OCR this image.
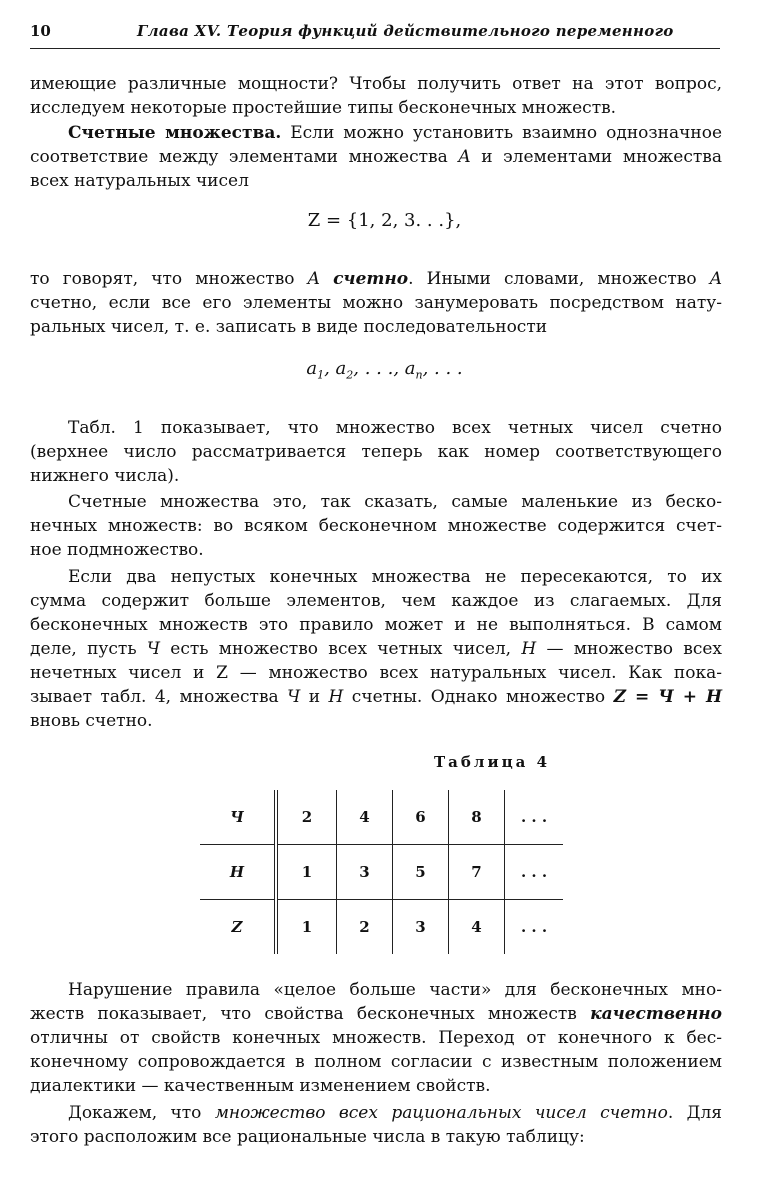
10	Глава XV. Теория функций действительного переменного
имеющие различные мощности? Чтобы получить ответ на этот вопрос,
исследуем некоторые простейшие типы бесконечных множеств.
Счетные множества. Если можно установить взаимно однозначное
соответствие между элементами множества A и элементами множества
всех натуральных чисел
Z = {1, 2, 3. . .},
то говорят, что множество A счетно. Иными словами, множество A
счетно, если все его элементы можно занумеровать посредством нату-
ральных чисел, т. е. записать в виде последовательности
$a_1$, $a_2$, . . ., $a_n$, . . .
Табл. 1 показывает, что множество всех четных чисел счетно
(верхнее число рассматривается теперь как номер соответствующего
нижнего числа).
Счетные множества это, так сказать, самые маленькие из беско-
нечных множеств: во всяком бесконечном множестве содержится счет-
ное подмножество.
Если два непустых конечных множества не пересекаются, то их
сумма содержит больше элементов, чем каждое из слагаемых. Для
бесконечных множеств это правило может и не выполняться. В самом
деле, пусть Ч есть множество всех четных чисел, H — множество всех
нечетных чисел и Z — множество всех натуральных чисел. Как пока-
зывает табл. 4, множества Ч и H счетны. Однако множество Z = Ч + H
вновь счетно.
Таблица 4
Ч	2	4	6	8	. . .
H	1	3	5	7	. . .
Z	1	2	3	4	. . .
Нарушение правила «целое больше части» для бесконечных мно-
жеств показывает, что свойства бесконечных множеств качественно
отличны от свойств конечных множеств. Переход от конечного к бес-
конечному сопровождается в полном согласии с известным положением
диалектики — качественным изменением свойств.
Докажем, что множество всех рациональных чисел счетно. Для
этого расположим все рациональные числа в такую таблицу:
